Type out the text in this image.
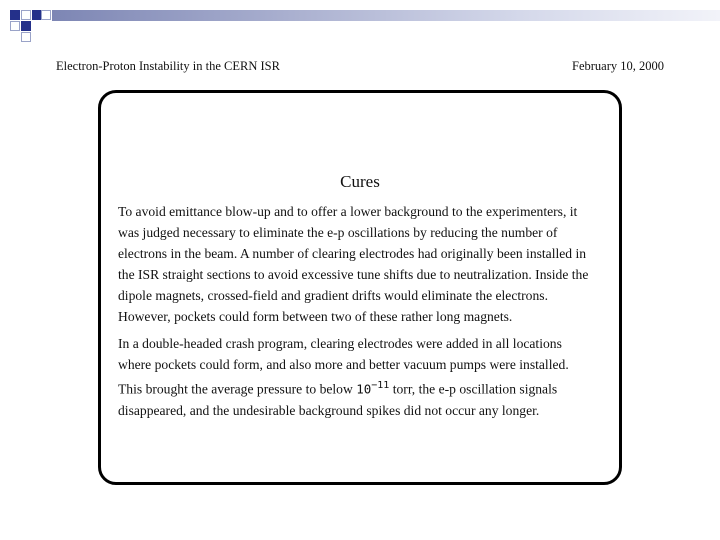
Electron-Proton Instability in the CERN ISR	February 10, 2000
Cures

To avoid emittance blow-up and to offer a lower background to the experimenters, it was judged necessary to eliminate the e-p oscillations by reducing the number of electrons in the beam. A number of clearing electrodes had originally been installed in the ISR straight sections to avoid excessive tune shifts due to neutralization. Inside the dipole magnets, crossed-field and gradient drifts would eliminate the electrons. However, pockets could form between two of these rather long magnets.

In a double-headed crash program, clearing electrodes were added in all locations where pockets could form, and also more and better vacuum pumps were installed. This brought the average pressure to below $10^{-11}$ torr, the e-p oscillation signals disappeared, and the undesirable background spikes did not occur any longer.
